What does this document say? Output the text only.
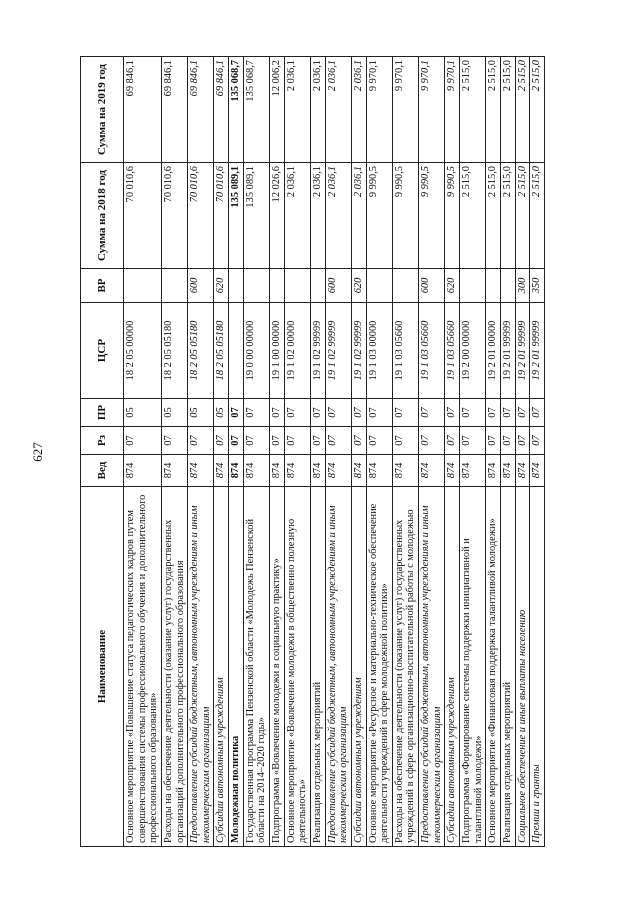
627
Наименование	Вед	Рз	ПР	ЦСР	ВР	Сумма на 2018 год	Сумма на 2019 год
Основное мероприятие «Повышение статуса педагогических кадров путем совершенствования системы профессионального обучения и дополнительного профессионального образования»	874	07	05	18 2 05 00000		70 010,6	69 846,1
Расходы на обеспечение деятельности (оказание услуг) государственных организаций дополнительного профессионального образования	874	07	05	18 2 05 05180		70 010,6	69 846,1
Предоставление субсидий бюджетным, автономным учреждениям и иным некоммерческим организациям	874	07	05	18 2 05 05180	600	70 010,6	69 846,1
Субсидии автономным учреждениям	874	07	05	18 2 05 05180	620	70 010,6	69 846,1
Молодежная политика	874	07	07			135 089,1	135 068,7
Государственная программа Пензенской области «Молодежь Пензенской области на 2014–2020 годы»	874	07	07	19 0 00 00000		135 089,1	135 068,7
Подпрограмма «Вовлечение молодежи в социальную практику»	874	07	07	19 1 00 00000		12 026,6	12 006,2
Основное мероприятие «Вовлечение молодежи в общественно полезную деятельность»	874	07	07	19 1 02 00000		2 036,1	2 036,1
Реализация отдельных мероприятий	874	07	07	19 1 02 99999		2 036,1	2 036,1
Предоставление субсидий бюджетным, автономным учреждениям и иным некоммерческим организациям	874	07	07	19 1 02 99999	600	2 036,1	2 036,1
Субсидии автономным учреждениям	874	07	07	19 1 02 99999	620	2 036,1	2 036,1
Основное мероприятие «Ресурсное и материально-техническое обеспечение деятельности учреждений в сфере молодежной политики»	874	07	07	19 1 03 00000		9 990,5	9 970,1
Расходы на обеспечение деятельности (оказание услуг) государственных учреждений в сфере организационно-воспитательной работы с молодежью	874	07	07	19 1 03 05660		9 990,5	9 970,1
Предоставление субсидий бюджетным, автономным учреждениям и иным некоммерческим организациям	874	07	07	19 1 03 05660	600	9 990,5	9 970,1
Субсидии автономным учреждениям	874	07	07	19 1 03 05660	620	9 990,5	9 970,1
Подпрограмма «Формирование системы поддержки инициативной и талантливой молодежи»	874	07	07	19 2 00 00000		2 515,0	2 515,0
Основное мероприятие «Финансовая поддержка талантливой молодежи»	874	07	07	19 2 01 00000		2 515,0	2 515,0
Реализация отдельных мероприятий	874	07	07	19 2 01 99999		2 515,0	2 515,0
Социальное обеспечение и иные выплаты населению	874	07	07	19 2 01 99999	300	2 515,0	2 515,0
Премии и гранты	874	07	07	19 2 01 99999	350	2 515,0	2 515,0
